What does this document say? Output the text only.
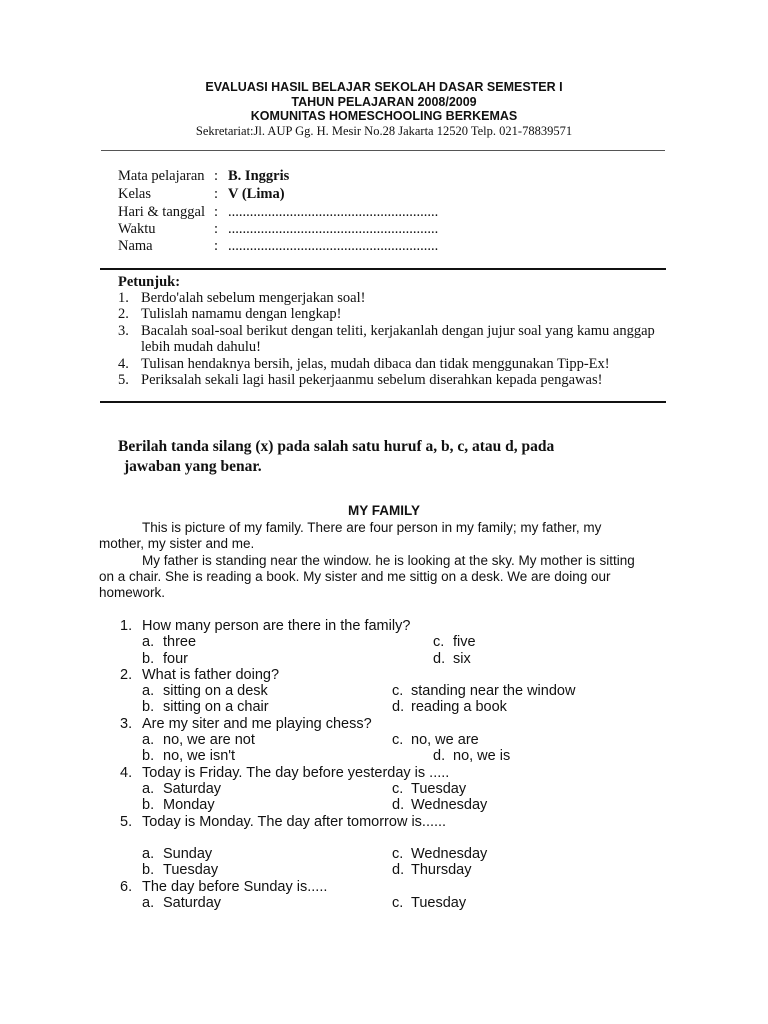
EVALUASI HASIL BELAJAR SEKOLAH DASAR SEMESTER I
TAHUN PELAJARAN 2008/2009
KOMUNITAS HOMESCHOOLING BERKEMAS
Sekretariat:Jl. AUP Gg. H. Mesir No.28 Jakarta 12520 Telp. 021-78839571
Mata pelajaran : B. Inggris
Kelas	: V (Lima)
Hari & tanggal : ..........................................................
Waktu	: ..........................................................
Nama	: ..........................................................
Petunjuk:
1. Berdo'alah sebelum mengerjakan soal!
2. Tulislah namamu dengan lengkap!
3. Bacalah soal-soal berikut dengan teliti, kerjakanlah dengan jujur soal yang kamu anggap
lebih mudah dahulu!
4. Tulisan hendaknya bersih, jelas, mudah dibaca dan tidak menggunakan Tipp-Ex!
5. Periksalah sekali lagi hasil pekerjaanmu sebelum diserahkan kepada pengawas!
Berilah tanda silang (x) pada salah satu huruf a, b, c, atau d, pada
jawaban yang benar.
MY FAMILY
This is picture of my family. There are four person in my family; my father, my
mother, my sister and me.
My father is standing near the window. he is looking at the sky. My mother is sitting
on a chair. She is reading a book. My sister and me sittig on a desk. We are doing our
homework.
1. How many person are there in the family?
a. three
b. four
c. five
d. six
2. What is father doing?
a. sitting on a desk
b. sitting on a chair
c. standing near the window
d. reading a book
3. Are my siter and me playing chess?
a. no, we are not
b. no, we isn't
c. no, we are
d. no, we is
4. Today is Friday. The day before yesterday is .....
a. Saturday
b. Monday
c. Tuesday
d. Wednesday
5. Today is Monday. The day after tomorrow is......
a. Sunday
b. Tuesday
c. Wednesday
d. Thursday
6. The day before Sunday is.....
a. Saturday	c. Tuesday
